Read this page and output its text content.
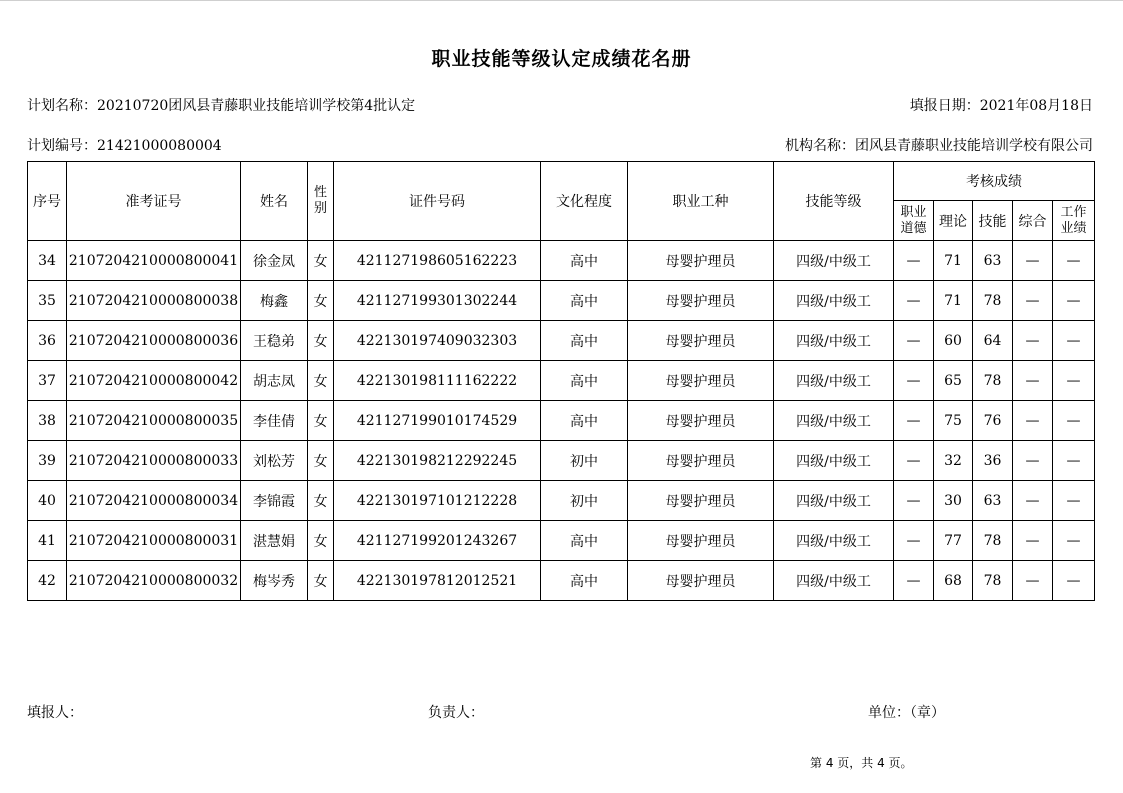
职业技能等级认定成绩花名册
计划名称：20210720团风县青藤职业技能培训学校第4批认定	填报日期：2021年08月18日
计划编号：21421000080004	机构名称：团风县青藤职业技能培训学校有限公司
序号	准考证号	姓名	性别	证件号码	文化程度	职业工种	技能等级	考核成绩				
								职业道德	理论	技能	综合	工作业绩
34	2107204210000800041	徐金凤	女	421127198605162223	高中	母婴护理员	四级/中级工	—	71	63	—	—
35	2107204210000800038	梅鑫	女	421127199301302244	高中	母婴护理员	四级/中级工	—	71	78	—	—
36	2107204210000800036	王稳弟	女	422130197409032303	高中	母婴护理员	四级/中级工	—	60	64	—	—
37	2107204210000800042	胡志凤	女	422130198111162222	高中	母婴护理员	四级/中级工	—	65	78	—	—
38	2107204210000800035	李佳倩	女	421127199010174529	高中	母婴护理员	四级/中级工	—	75	76	—	—
39	2107204210000800033	刘松芳	女	422130198212292245	初中	母婴护理员	四级/中级工	—	32	36	—	—
40	2107204210000800034	李锦霞	女	422130197101212228	初中	母婴护理员	四级/中级工	—	30	63	—	—
41	2107204210000800031	湛慧娟	女	421127199201243267	高中	母婴护理员	四级/中级工	—	77	78	—	—
42	2107204210000800032	梅岑秀	女	422130197812012521	高中	母婴护理员	四级/中级工	—	68	78	—	—
填报人：	负责人：	单位：（章）
第 4 页，共 4 页。
